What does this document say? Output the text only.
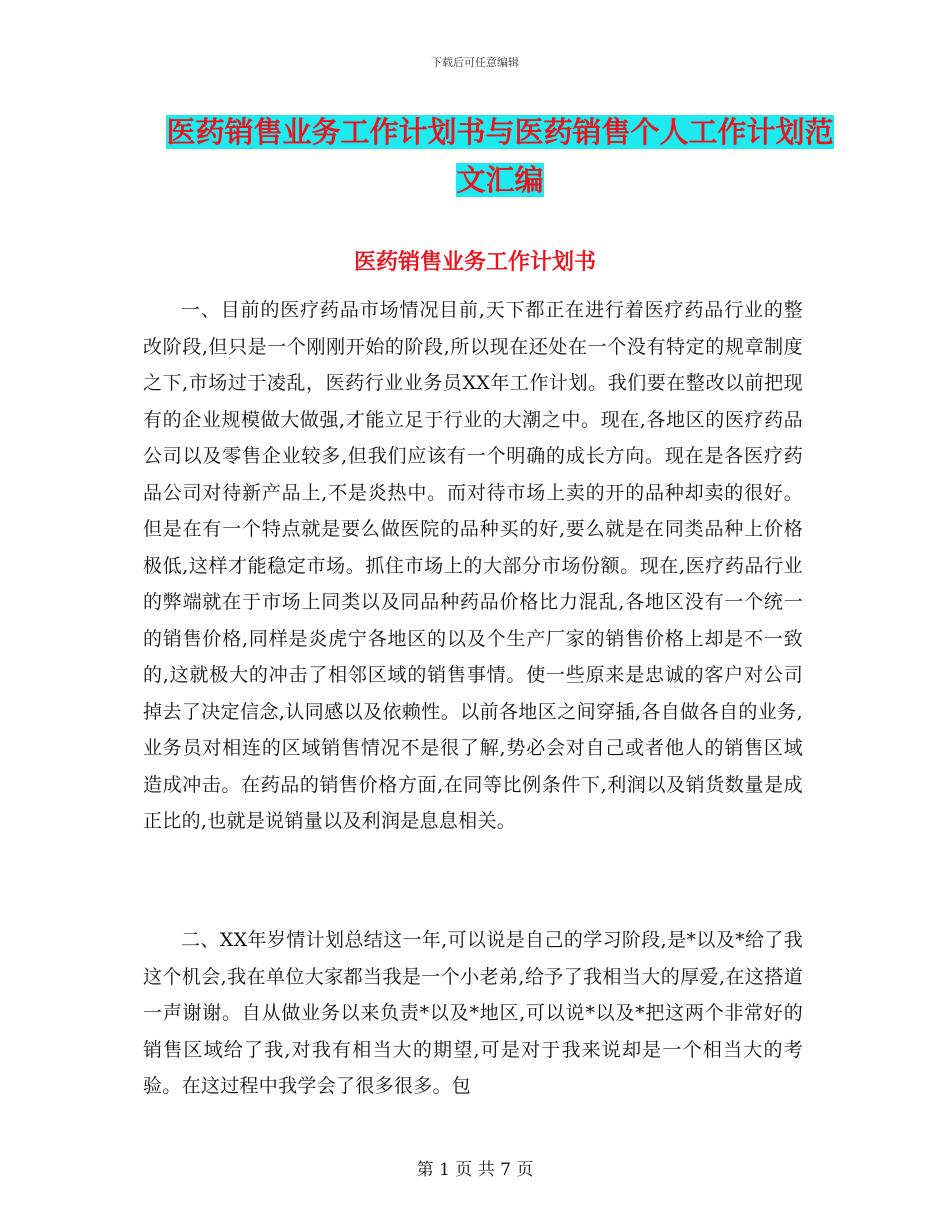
下载后可任意编辑
医药销售业务工作计划书与医药销售个人工作计划范
文汇编
医药销售业务工作计划书

一、目前的医疗药品市场情况目前,天下都正在进行着医疗药品行业的整改阶段,但只是一个刚刚开始的阶段,所以现在还处在一个没有特定的规章制度之下,市场过于凌乱，医药行业业务员XX年工作计划。我们要在整改以前把现有的企业规模做大做强,才能立足于行业的大潮之中。现在,各地区的医疗药品公司以及零售企业较多,但我们应该有一个明确的成长方向。现在是各医疗药品公司对待新产品上,不是炎热中。而对待市场上卖的开的品种却卖的很好。但是在有一个特点就是要么做医院的品种买的好,要么就是在同类品种上价格极低,这样才能稳定市场。抓住市场上的大部分市场份额。现在,医疗药品行业的弊端就在于市场上同类以及同品种药品价格比力混乱,各地区没有一个统一的销售价格,同样是炎虎宁各地区的以及个生产厂家的销售价格上却是不一致的,这就极大的冲击了相邻区域的销售事情。使一些原来是忠诚的客户对公司掉去了决定信念,认同感以及依赖性。以前各地区之间穿插,各自做各自的业务,业务员对相连的区域销售情况不是很了解,势必会对自己或者他人的销售区域造成冲击。在药品的销售价格方面,在同等比例条件下,利润以及销货数量是成正比的,也就是说销量以及利润是息息相关。

二、XX年岁情计划总结这一年,可以说是自己的学习阶段,是*以及*给了我这个机会,我在单位大家都当我是一个小老弟,给予了我相当大的厚爱,在这搭道一声谢谢。自从做业务以来负责*以及*地区,可以说*以及*把这两个非常好的销售区域给了我,对我有相当大的期望,可是对于我来说却是一个相当大的考验。在这过程中我学会了很多很多。包

第 1 页 共 7 页
